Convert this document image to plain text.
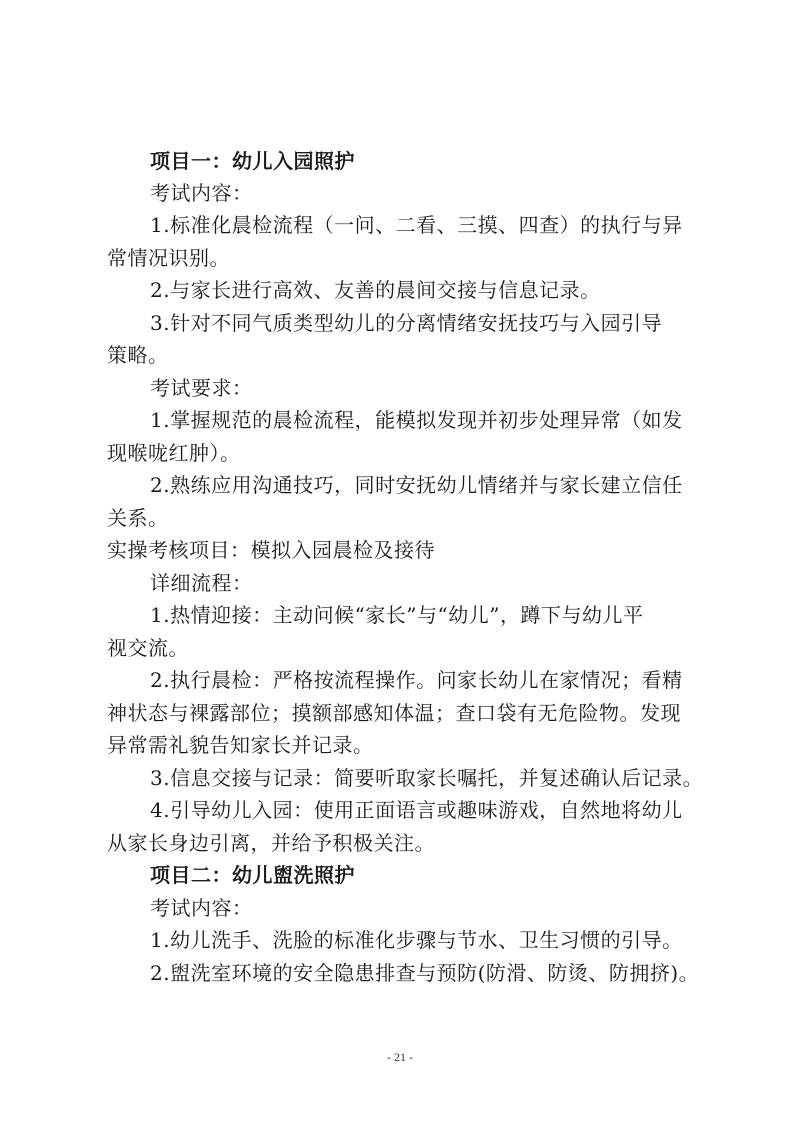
项目一：幼儿入园照护

考试内容：

1.标准化晨检流程（一问、二看、三摸、四查）的执行与异

常情况识别。

2.与家长进行高效、友善的晨间交接与信息记录。

3.针对不同气质类型幼儿的分离情绪安抚技巧与入园引导

策略。

考试要求：

1.掌握规范的晨检流程，能模拟发现并初步处理异常（如发

现喉咙红肿）。

2.熟练应用沟通技巧，同时安抚幼儿情绪并与家长建立信任

关系。

实操考核项目：模拟入园晨检及接待

详细流程：

1.热情迎接：主动问候“家长”与“幼儿”，蹲下与幼儿平

视交流。

2.执行晨检：严格按流程操作。问家长幼儿在家情况；看精

神状态与裸露部位；摸额部感知体温；查口袋有无危险物。发现

异常需礼貌告知家长并记录。

3.信息交接与记录：简要听取家长嘱托，并复述确认后记录。

4.引导幼儿入园：使用正面语言或趣味游戏，自然地将幼儿

从家长身边引离，并给予积极关注。

项目二：幼儿盥洗照护

考试内容：

1.幼儿洗手、洗脸的标准化步骤与节水、卫生习惯的引导。

2.盥洗室环境的安全隐患排查与预防(防滑、防烫、防拥挤)。

- 21 -
